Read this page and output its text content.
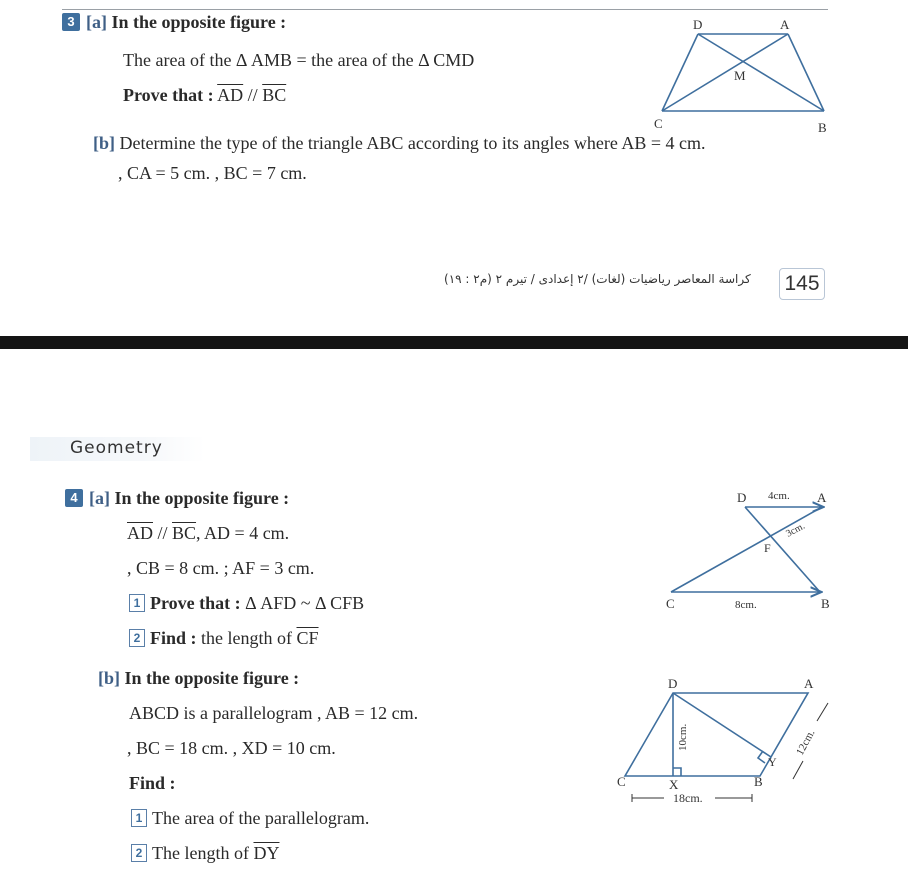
3 [a] In the opposite figure :
The area of the Δ AMB = the area of the Δ CMD
Prove that : $\overline{AD} // \overline{BC}$
[b] Determine the type of the triangle ABC according to its angles where AB = 4 cm.
, CA = 5 cm. , BC = 7 cm.
D	A
M
C	B
كراسة المعاصر رياضيات (لغات) /٢ إعدادى / تيرم ٢ (م٢ : ١٩) 145
Geometry
4 [a] In the opposite figure :
$\overline{AD} // \overline{BC}$, AD = 4 cm.
, CB = 8 cm. ; AF = 3 cm.
1 Prove that : Δ AFD ~ Δ CFB
2 Find : the length of $\overline{CF}$
D 4cm. A
3cm.
F
C	8cm.	B
[b] In the opposite figure :
ABCD is a parallelogram , AB = 12 cm.
, BC = 18 cm. , XD = 10 cm.
Find :
1 The area of the parallelogram.
2 The length of $\overline{DY}$
D	A
C	X	B
Y
10cm.	12cm.
18cm.
